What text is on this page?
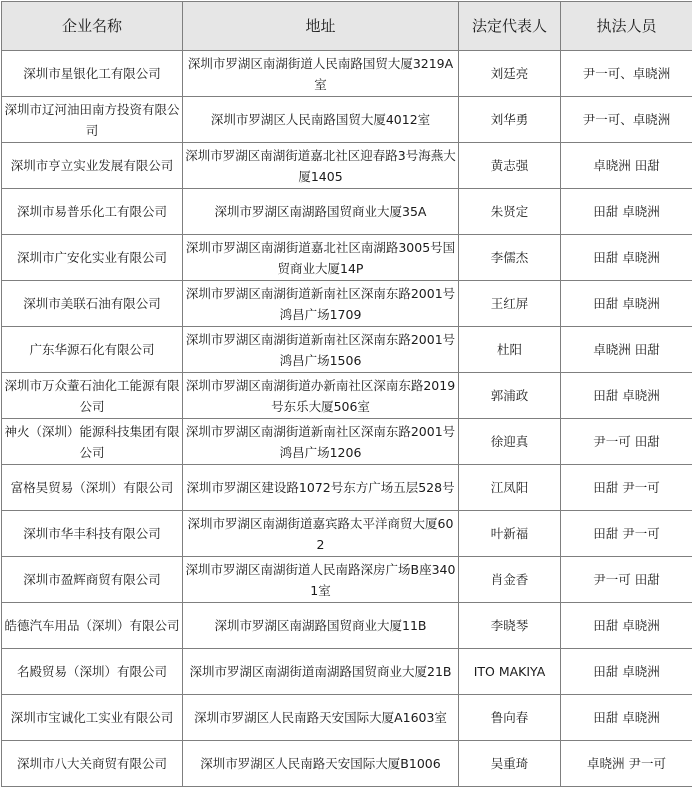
企业名称	地址	法定代表人	执法人员
深圳市星银化工有限公司	深圳市罗湖区南湖街道人民南路国贸大厦3219A室	刘廷亮	尹一可、卓晓洲
深圳市辽河油田南方投资有限公司	深圳市罗湖区人民南路国贸大厦4012室	刘华勇	尹一可、卓晓洲
深圳市亨立实业发展有限公司	深圳市罗湖区南湖街道嘉北社区迎春路3号海燕大厦1405	黄志强	卓晓洲 田甜
深圳市易普乐化工有限公司	深圳市罗湖区南湖路国贸商业大厦35A	朱贤定	田甜 卓晓洲
深圳市广安化实业有限公司	深圳市罗湖区南湖街道嘉北社区南湖路3005号国贸商业大厦14P	李儒杰	田甜 卓晓洲
深圳市美联石油有限公司	深圳市罗湖区南湖街道新南社区深南东路2001号鸿昌广场1709	王红屏	田甜 卓晓洲
广东华源石化有限公司	深圳市罗湖区南湖街道新南社区深南东路2001号鸿昌广场1506	杜阳	卓晓洲 田甜
深圳市万众蕫石油化工能源有限公司	深圳市罗湖区南湖街道办新南社区深南东路2019号东乐大厦506室	郭浦政	田甜 卓晓洲
神火（深圳）能源科技集团有限公司	深圳市罗湖区南湖街道新南社区深南东路2001号鸿昌广场1206	徐迎真	尹一可 田甜
富格昊贸易（深圳）有限公司	深圳市罗湖区建设路1072号东方广场五层528号	江凤阳	田甜 尹一可
深圳市华丰科技有限公司	深圳市罗湖区南湖街道嘉宾路太平洋商贸大厦602	叶新福	田甜 尹一可
深圳市盈辉商贸有限公司	深圳市罗湖区南湖街道人民南路深房广场B座3401室	肖金香	尹一可 田甜
皓德汽车用品（深圳）有限公司	深圳市罗湖区南湖路国贸商业大厦11B	李晓琴	田甜 卓晓洲
名殿贸易（深圳）有限公司	深圳市罗湖区南湖街道南湖路国贸商业大厦21B	ITO MAKIYA	田甜 卓晓洲
深圳市宝诚化工实业有限公司	深圳市罗湖区人民南路天安国际大厦A1603室	鲁向春	田甜 卓晓洲
深圳市八大关商贸有限公司	深圳市罗湖区人民南路天安国际大厦B1006	吴重琦	卓晓洲 尹一可
